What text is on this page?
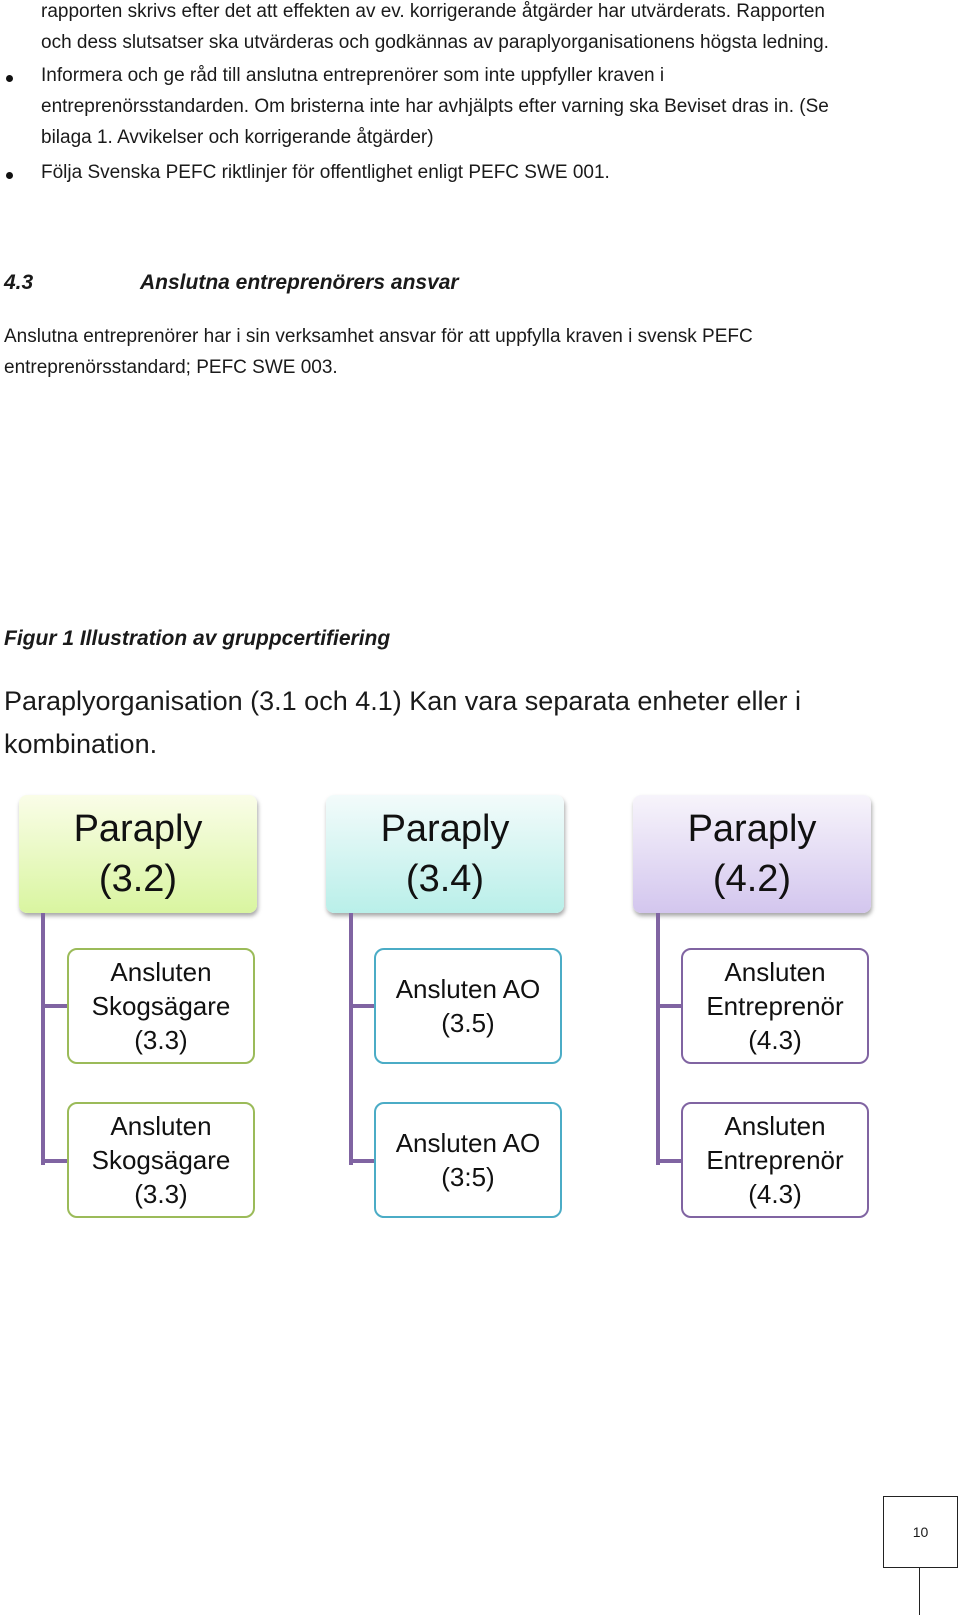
rapporten skrivs efter det att effekten av ev. korrigerande åtgärder har utvärderats. Rapporten
och dess slutsatser ska utvärderas och godkännas av paraplyorganisationens högsta ledning.
Informera och ge råd till anslutna entreprenörer som inte uppfyller kraven i
entreprenörsstandarden. Om bristerna inte har avhjälpts efter varning ska Beviset dras in. (Se
bilaga 1. Avvikelser och korrigerande åtgärder)
Följa Svenska PEFC riktlinjer för offentlighet enligt PEFC SWE 001.
4.3	Anslutna entreprenörers ansvar
Anslutna entreprenörer har i sin verksamhet ansvar för att uppfylla kraven i svensk PEFC
entreprenörsstandard; PEFC SWE 003.
Figur 1 Illustration av gruppcertifiering
Paraplyorganisation (3.1 och 4.1) Kan vara separata enheter eller i kombination.
Paraply
(3.2)
Ansluten
Skogsägare
(3.3)
Ansluten
Skogsägare
(3.3)
Paraply
(3.4)
Ansluten AO
(3.5)
Ansluten AO
(3:5)
Paraply
(4.2)
Ansluten
Entreprenör
(4.3)
Ansluten
Entreprenör
(4.3)
10
